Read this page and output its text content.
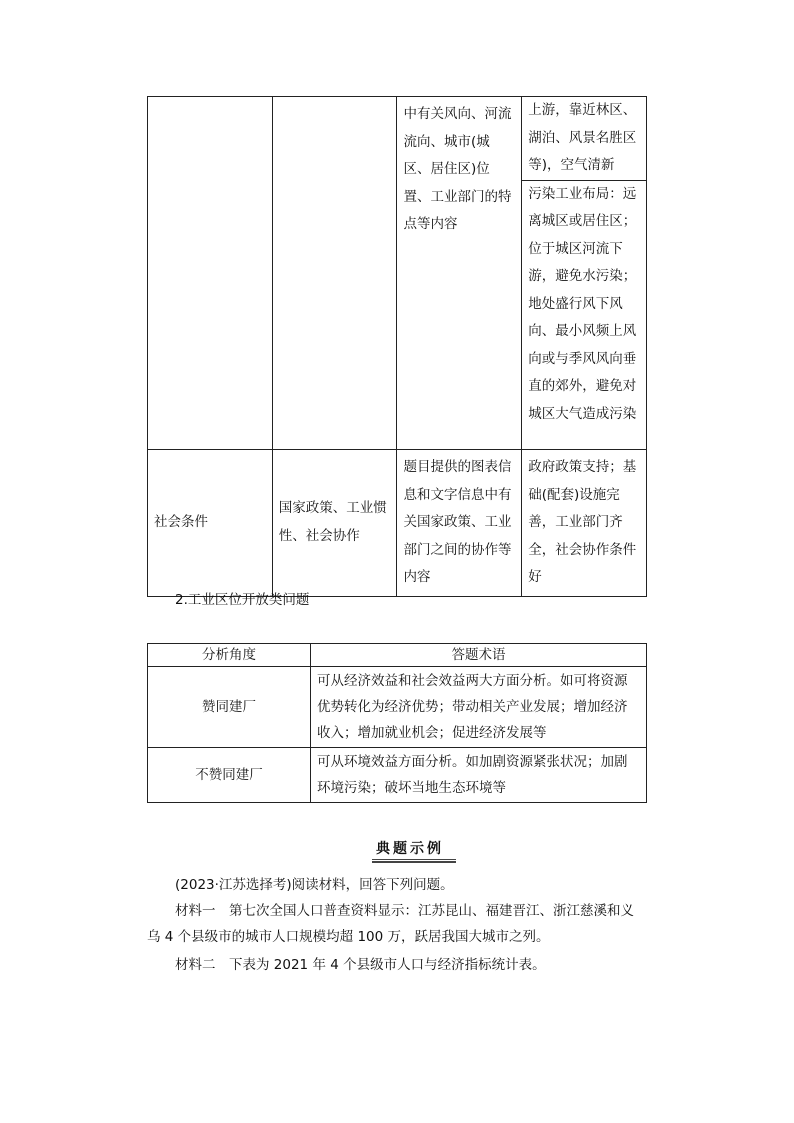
		中有关风向、河流流向、城市(城区、居住区)位置、工业部门的特点等内容	上游，靠近林区、湖泊、风景名胜区等)，空气清新
污染工业布局：远离城区或居住区；位于城区河流下游，避免水污染；地处盛行风下风向、最小风频上风向或与季风风向垂直的郊外，避免对城区大气造成污染

社会条件	国家政策、工业惯性、社会协作	题目提供的图表信息和文字信息中有关国家政策、工业部门之间的协作等内容	政府政策支持；基础(配套)设施完善，工业部门齐全，社会协作条件好
2.工业区位开放类问题
分析角度	答题术语
赞同建厂	可从经济效益和社会效益两大方面分析。如可将资源优势转化为经济优势；带动相关产业发展；增加经济收入；增加就业机会；促进经济发展等

不赞同建厂	可从环境效益方面分析。如加剧资源紧张状况；加剧环境污染；破坏当地生态环境等
典题示例
(2023·江苏选择考)阅读材料，回答下列问题。
材料一　第七次全国人口普查资料显示：江苏昆山、福建晋江、浙江慈溪和义乌 4 个县级市的城市人口规模均超 100 万，跃居我国大城市之列。
材料二　下表为 2021 年 4 个县级市人口与经济指标统计表。
